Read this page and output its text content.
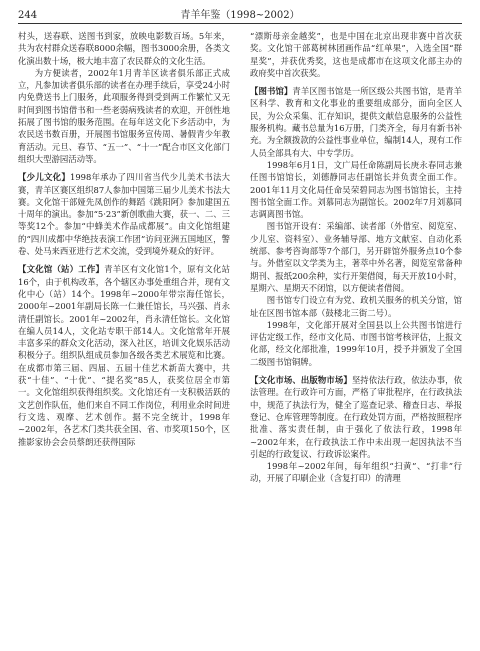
244	青羊年鉴（1998~2002）

村头，送春联、送图书到家，放映电影数百场。5年来，共为农村群众送春联8000余幅，图书3000余册，各类文化演出数十场，极大地丰富了农民群众的文化生活。

为方便读者，2002年1月青羊区读者俱乐部正式成立，凡参加读者俱乐部的读者在办理手续后，享受24小时内免费送书上门服务，此项服务得到受到两工作繁忙又无时间到图书馆借书和一些老弱病残读者的欢迎，开创性地拓展了图书馆的服务范围。在每年送文化下乡活动中，为农民送书数百册，开展图书馆服务宣传周、暑假青少年教育活动。元旦、春节、“五一”、“十一”配合市区文化部门组织大型游园活动等。

【少儿文化】1998年承办了四川省当代少儿美术书法大赛，青羊区赛区组织87人参加中国第三届少儿美术书法大赛。文化馆干部娅先凤创作的舞蹈《跳阳阿》参加建国五十周年的演出。参加“5·23”新创歌曲大赛，获一、二、三等奖12个。参加“中蜂美术作品成都展”。由文化馆组建的“四川成都中华绝技表演工作团”访问亚洲五国地区，警卷、处马来西亚进行艺术交流，受到境外观众的好评。

【文化馆（站）工作】青羊区有文化馆1个，原有文化站16个，由于机构改革，各个辖区办事处重组合并，现有文化中心（站）14个。1998年~2000年带宗海任馆长，2000年~2001年副局长陈一仁兼任馆长，马兴强、肖永清任副馆长。2001年~2002年，肖永清任馆长。文化馆在编人员14人，文化站专职干部14人。文化馆常年开展丰富多采的群众文化活动，深入社区，培训文化娱乐活动积极分子。组织队组成员参加各级各类艺术展览和比赛。在成都市第三届、四届、五届十佳艺术新苗大赛中，共获“十佳”、“十优”、“提名奖”85人，获奖位居全市第一。文化馆组织获得组织奖。文化馆还有一支积极活跃的文艺创作队伍，他们来自不同工作岗位，利用业余时间进行文选、观摩、艺术创作。据不完全统计，1998年~2002年，各艺术门类共获全国、省、市奖项150个，区推影家协会会员蔡朗还获得国际

“漂斯母亲金越奖”，也是中国在北京出现非赛中首次获奖。文化馆干部葛树林团画作品“红单果”，入选全国“群星奖”，并获优秀奖，这也是成都市在这项文化部主办的政府奖中首次获奖。

【图书馆】青羊区图书馆是一所区级公共图书馆，是青羊区科学、教育和文化事业的重要组成部分，面向全区人民，为公众采集、汇存知识，提供文献信息服务的公益性服务机构。藏书总量为16万册，门类齐全，每月有新书补充。为全额拨款的公益性事业单位，编制14人，现有工作人员全部具有大、中专学历。

1998年6月1日，文广局任命陈副局长庚永春同志兼任图书馆馆长，刘德静同志任副馆长并负责全面工作。2001年11月文化局任命吴荣碧同志为图书馆馆长，主持图书馆全面工作。刘慕同志为副馆长。2002年7月刘慕同志调离图书馆。

图书馆开设有：采编部、读者部（外借室、阅览室、少儿室、资料室）、业务辅导部、地方文献室、自动化系统部、参考咨询部等7个部门，另开辟馆外服务点10个参与。外借室以文学类为主，著萃中外名著，阅览室常备种期刊、报纸200余种，实行开架借阅，每天开放10小时，星期六、星期天不闭馆，以方便读者借阅。

图书馆专门设立有为党、政机关服务的机关分馆，馆址在区图书馆本部（鼓楼北三街二号）。

1998年，文化部开展对全国县以上公共图书馆进行评估定级工作，经市文化局、市图书馆考核评估，上报文化部，经文化部批准，1999年10月，授予并颁发了全国二级图书馆铜牌。

【文化市场、出版物市场】坚持依法行政，依法办事，依法管理。在行政许可方面，严格了审批程序，在行政执法中，规范了执法行为，健全了巡查记录、稽查日志、举报登记、仓库管理等制度。在行政处罚方面，严格按照程序批准、落实责任制，由于强化了依法行政，1998年~2002年来，在行政执法工作中未出现一起因执法不当引起的行政复议、行政诉讼案件。

1998年~2002年间，每年组织“扫黄”、“打非”行动，开展了印刷企业（含复打印）的清理
